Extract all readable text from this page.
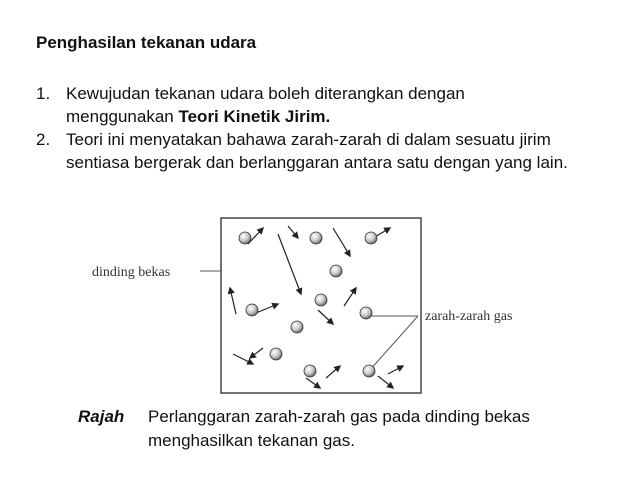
Penghasilan tekanan udara

1. Kewujudan tekanan udara boleh diterangkan dengan
menggunakan Teori Kinetik Jirim.
2. Teori ini menyatakan bahawa zarah-zarah di dalam sesuatu jirim sentiasa bergerak dan berlanggaran antara satu dengan yang lain.
dinding bekas
zarah-zarah gas
Rajah Perlanggaran zarah-zarah gas pada dinding bekas menghasilkan tekanan gas.
